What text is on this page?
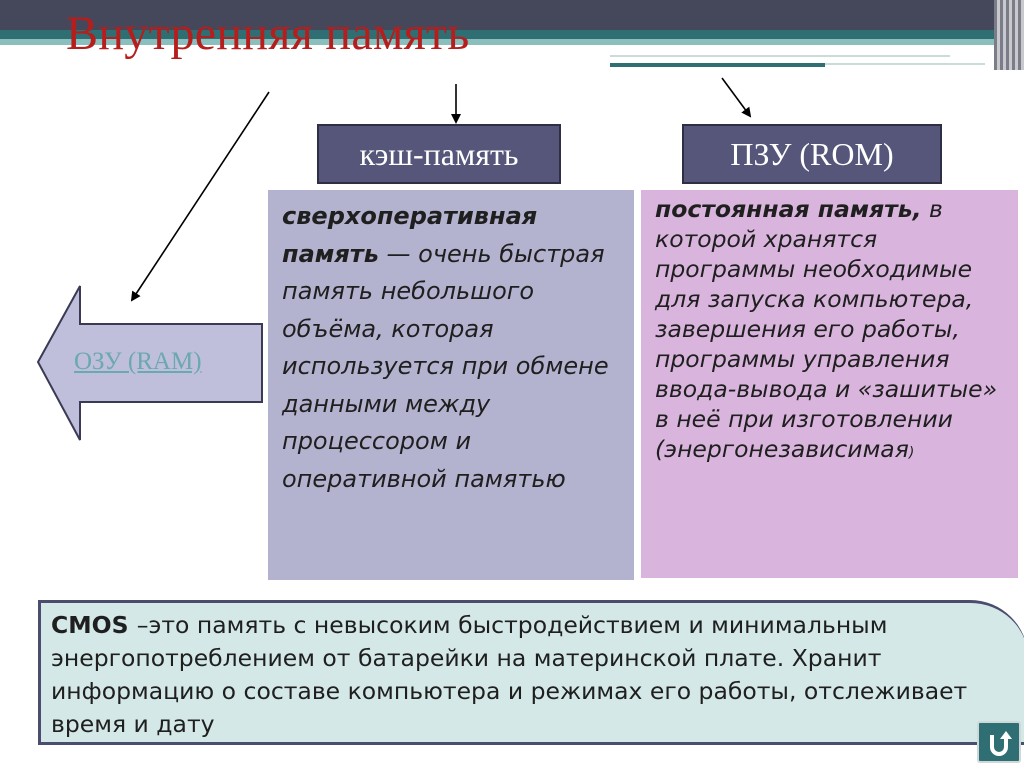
Внутренняя память
ОЗУ (RAM)
кэш-память	ПЗУ (ROM)
сверхоперативная память — очень быстрая память небольшого объёма, которая используется при обмене данными между процессором и оперативной памятью
постоянная память, в которой хранятся программы необходимые для запуска компьютера, завершения его работы, программы управления ввода-вывода и «зашитые» в неё при изготовлении (энергонезависимая)
CMOS –это память с невысоким быстродействием и минимальным энергопотреблением от батарейки на материнской плате. Хранит информацию о составе компьютера и режимах его работы, отслеживает время и дату
